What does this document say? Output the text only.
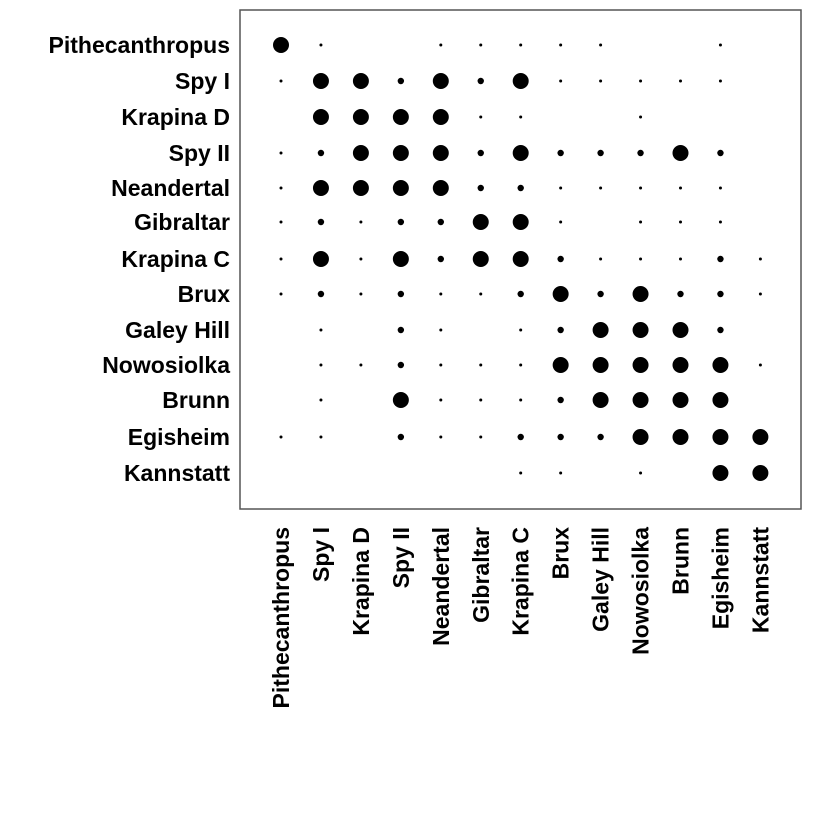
Pithecanthropus
Spy I
Krapina D
Spy II
Neandertal
Gibraltar
Krapina C
Brux
Galey Hill
Nowosiolka
Brunn
Egisheim
Kannstatt
Pithecanthropus Spy I Krapina D Spy II Neandertal Gibraltar Krapina C Brux Galey Hill Nowosiolka Brunn Egisheim Kannstatt
